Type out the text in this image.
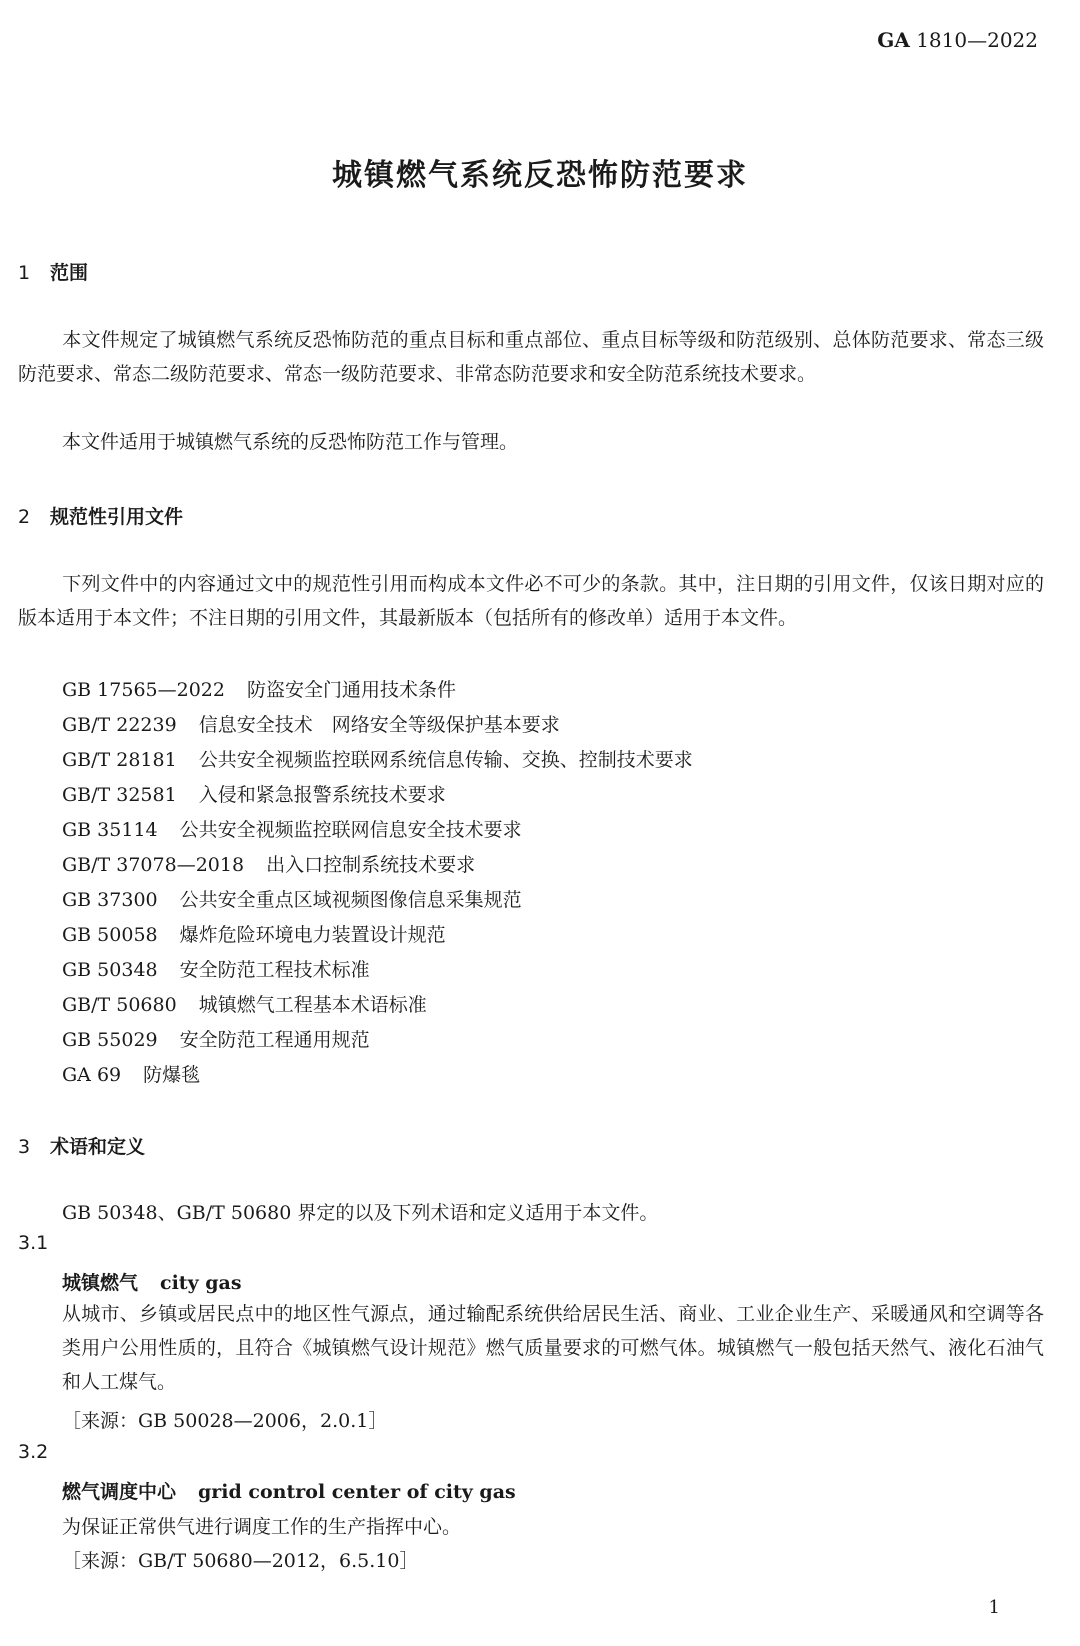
GA 1810—2022
城镇燃气系统反恐怖防范要求
1 范围
本文件规定了城镇燃气系统反恐怖防范的重点目标和重点部位、重点目标等级和防范级别、总体防范要求、常态三级防范要求、常态二级防范要求、常态一级防范要求、非常态防范要求和安全防范系统技术要求。
本文件适用于城镇燃气系统的反恐怖防范工作与管理。
2 规范性引用文件
下列文件中的内容通过文中的规范性引用而构成本文件必不可少的条款。其中，注日期的引用文件，仅该日期对应的版本适用于本文件；不注日期的引用文件，其最新版本（包括所有的修改单）适用于本文件。
GB 17565—2022 防盗安全门通用技术条件
GB/T 22239 信息安全技术　网络安全等级保护基本要求
GB/T 28181 公共安全视频监控联网系统信息传输、交换、控制技术要求
GB/T 32581 入侵和紧急报警系统技术要求
GB 35114 公共安全视频监控联网信息安全技术要求
GB/T 37078—2018 出入口控制系统技术要求
GB 37300 公共安全重点区域视频图像信息采集规范
GB 50058 爆炸危险环境电力装置设计规范
GB 50348 安全防范工程技术标准
GB/T 50680 城镇燃气工程基本术语标准
GB 55029 安全防范工程通用规范
GA 69 防爆毯
3 术语和定义
GB 50348、GB/T 50680 界定的以及下列术语和定义适用于本文件。
3.1
城镇燃气 city gas
从城市、乡镇或居民点中的地区性气源点，通过输配系统供给居民生活、商业、工业企业生产、采暖通风和空调等各类用户公用性质的，且符合《城镇燃气设计规范》燃气质量要求的可燃气体。城镇燃气一般包括天然气、液化石油气和人工煤气。
［来源：GB 50028—2006，2.0.1］
3.2
燃气调度中心 grid control center of city gas
为保证正常供气进行调度工作的生产指挥中心。
［来源：GB/T 50680—2012，6.5.10］
1
